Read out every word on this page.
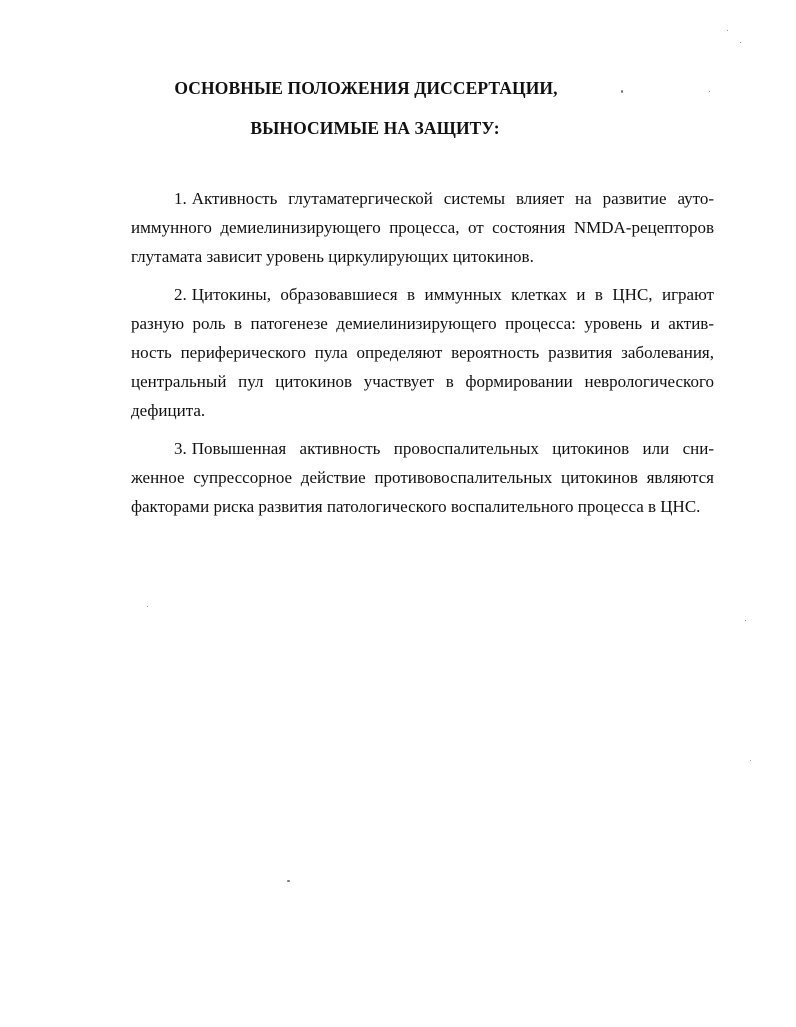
ОСНОВНЫЕ ПОЛОЖЕНИЯ ДИССЕРТАЦИИ,
ВЫНОСИМЫЕ НА ЗАЩИТУ:

1. Активность глутаматергической системы влияет на развитие ауто-иммунного демиелинизирующего процесса, от состояния NMDA-рецепторов глутамата зависит уровень циркулирующих цитокинов.

2. Цитокины, образовавшиеся в иммунных клетках и в ЦНС, играют разную роль в патогенезе демиелинизирующего процесса: уровень и актив-ность периферического пула определяют вероятность развития заболевания, центральный пул цитокинов участвует в формировании неврологического дефицита.

3. Повышенная активность провоспалительных цитокинов или сни-женное супрессорное действие противовоспалительных цитокинов являются факторами риска развития патологического воспалительного процесса в ЦНС.
